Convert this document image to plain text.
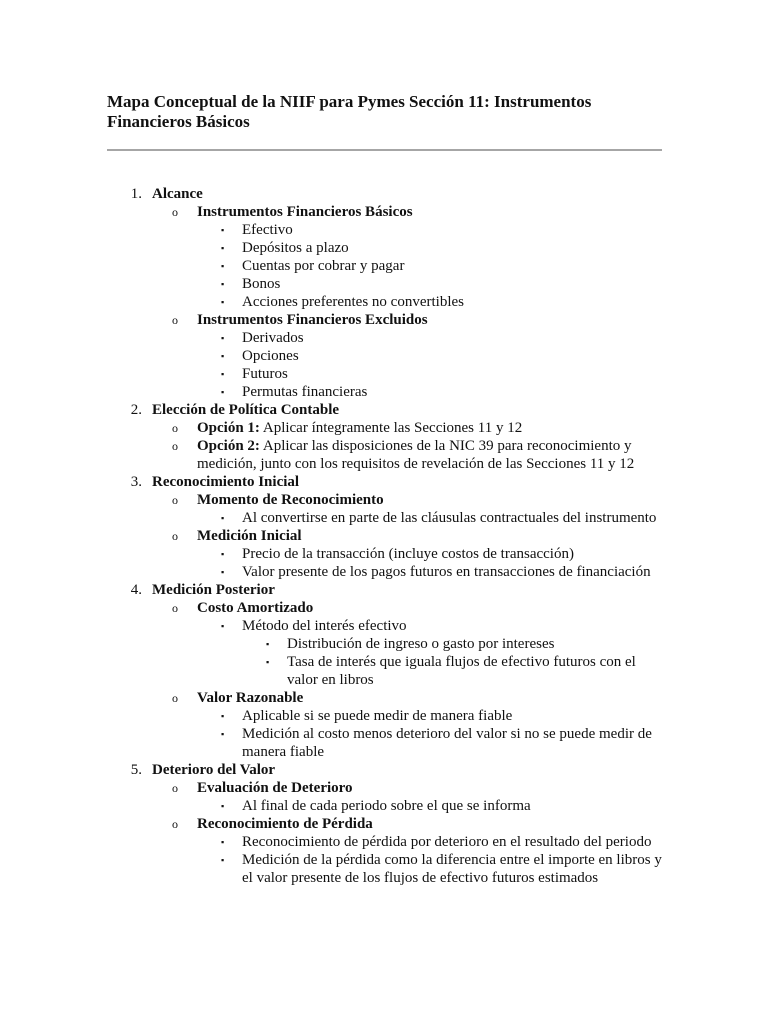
Mapa Conceptual de la NIIF para Pymes Sección 11: Instrumentos Financieros Básicos
1. Alcance
o Instrumentos Financieros Básicos
▪ Efectivo
▪ Depósitos a plazo
▪ Cuentas por cobrar y pagar
▪ Bonos
▪ Acciones preferentes no convertibles
o Instrumentos Financieros Excluidos
▪ Derivados
▪ Opciones
▪ Futuros
▪ Permutas financieras
2. Elección de Política Contable
o Opción 1: Aplicar íntegramente las Secciones 11 y 12
o Opción 2: Aplicar las disposiciones de la NIC 39 para reconocimiento y medición, junto con los requisitos de revelación de las Secciones 11 y 12
3. Reconocimiento Inicial
o Momento de Reconocimiento
▪ Al convertirse en parte de las cláusulas contractuales del instrumento
o Medición Inicial
▪ Precio de la transacción (incluye costos de transacción)
▪ Valor presente de los pagos futuros en transacciones de financiación
4. Medición Posterior
o Costo Amortizado
▪ Método del interés efectivo
▪ Distribución de ingreso o gasto por intereses
▪ Tasa de interés que iguala flujos de efectivo futuros con el valor en libros
o Valor Razonable
▪ Aplicable si se puede medir de manera fiable
▪ Medición al costo menos deterioro del valor si no se puede medir de manera fiable
5. Deterioro del Valor
o Evaluación de Deterioro
▪ Al final de cada periodo sobre el que se informa
o Reconocimiento de Pérdida
▪ Reconocimiento de pérdida por deterioro en el resultado del periodo
▪ Medición de la pérdida como la diferencia entre el importe en libros y el valor presente de los flujos de efectivo futuros estimados
